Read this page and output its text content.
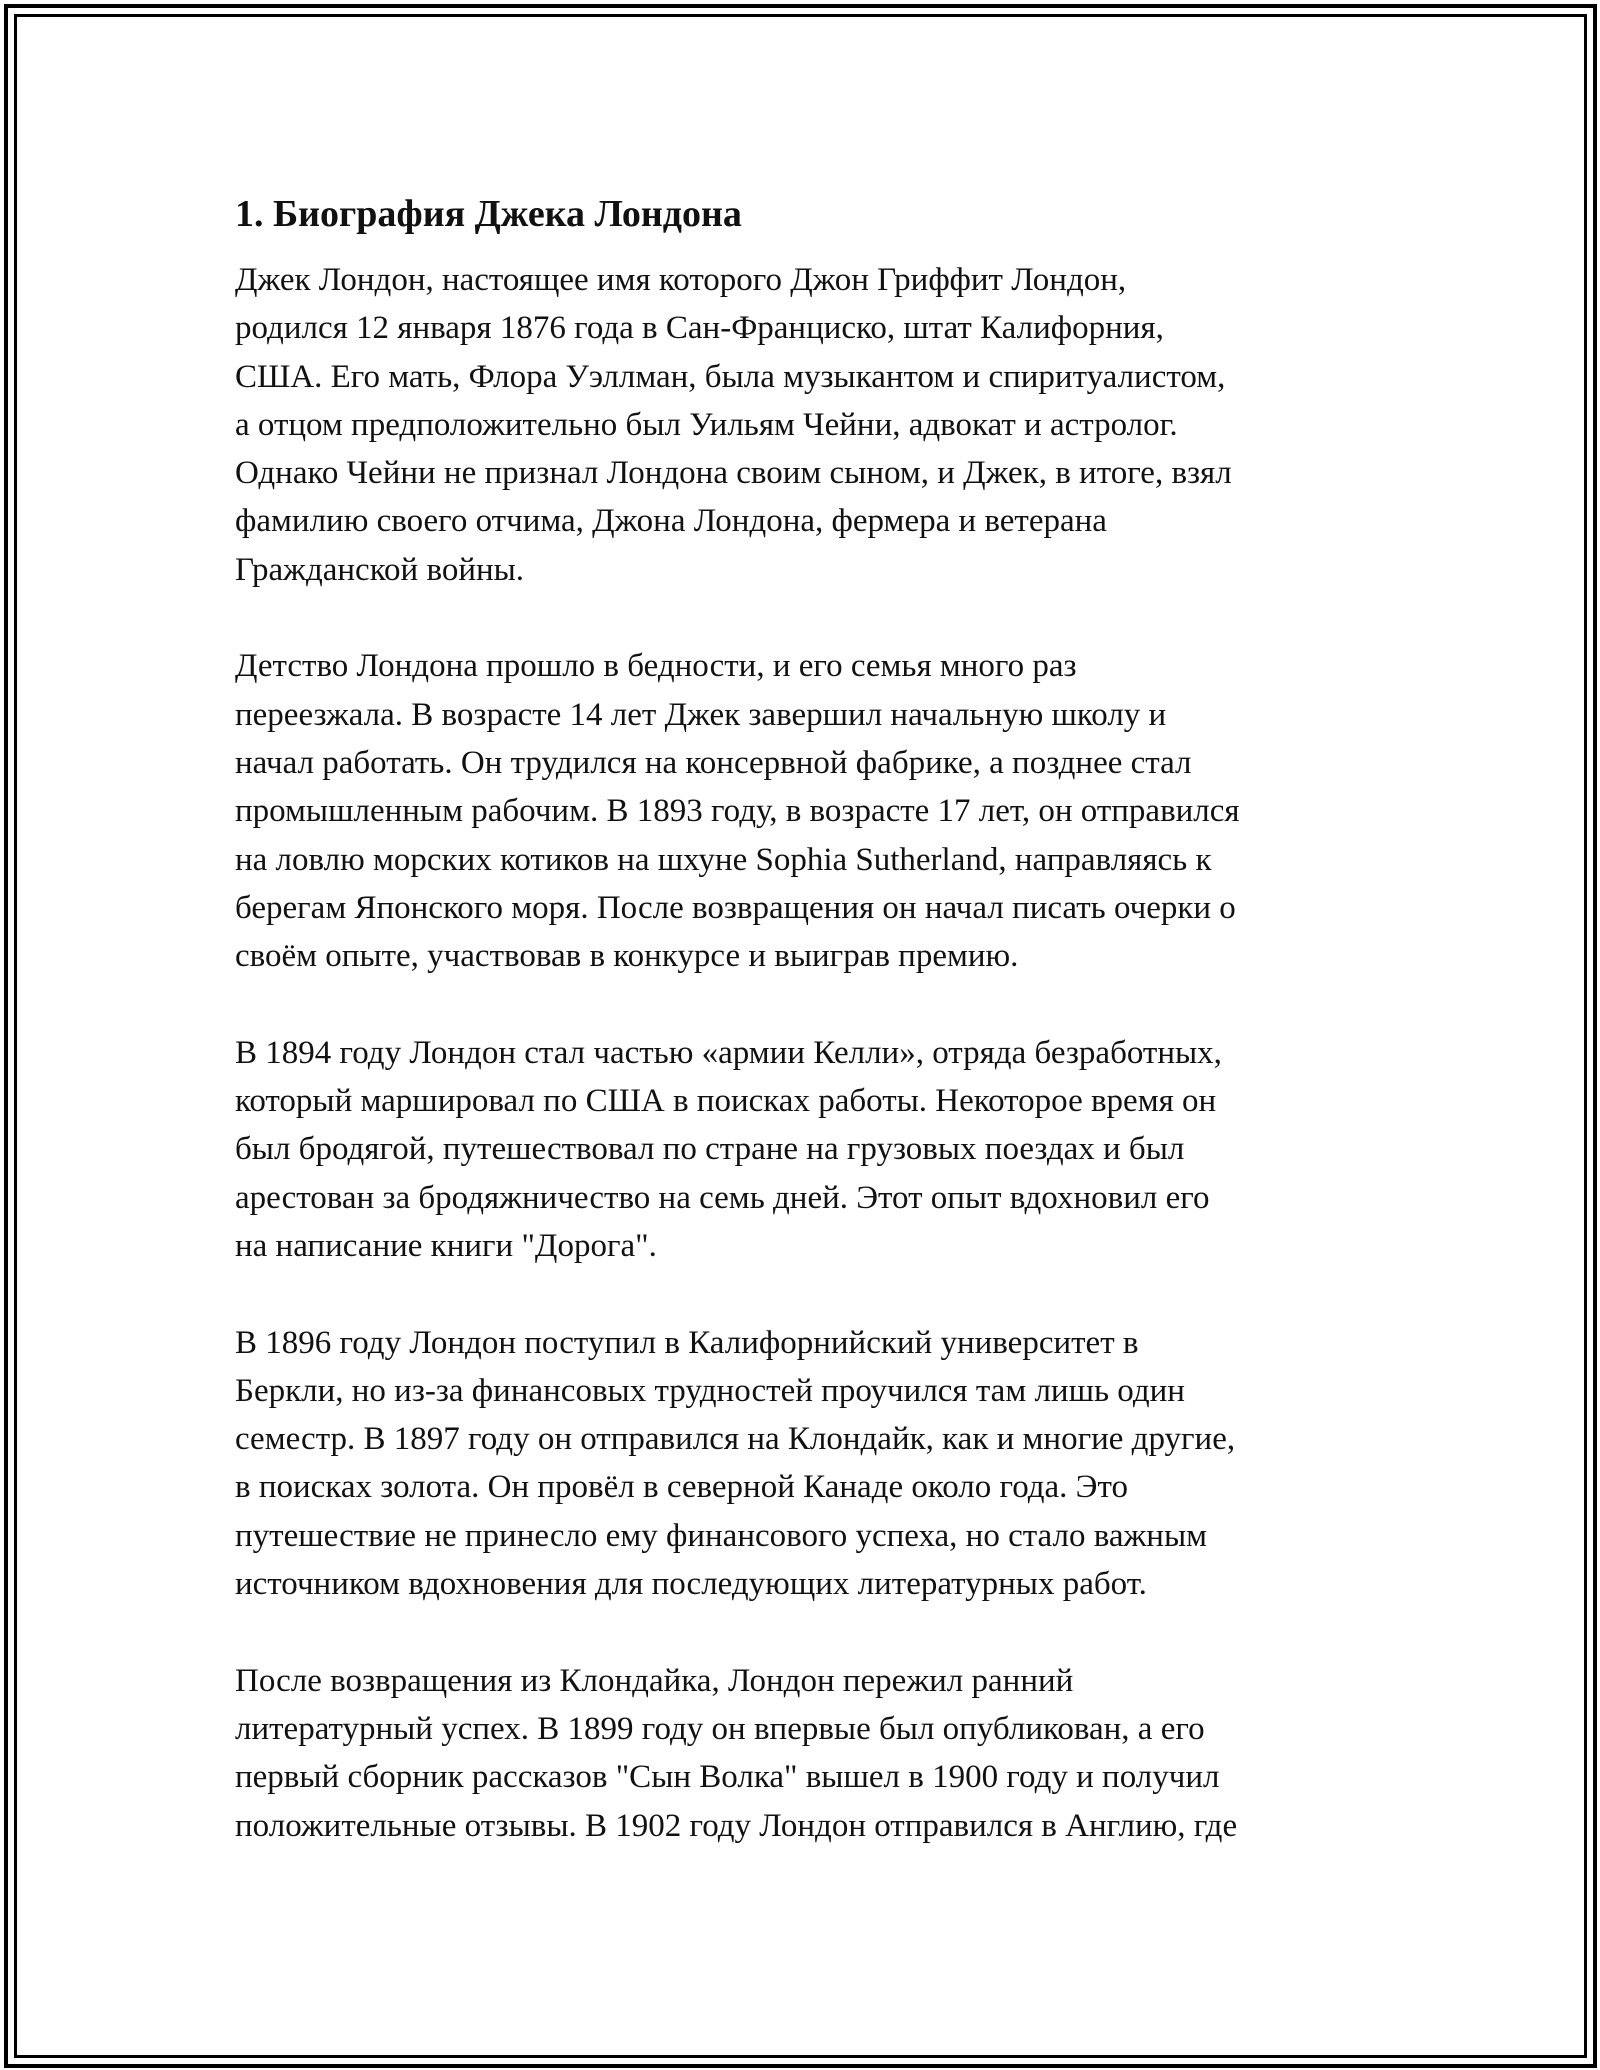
1. Биография Джека Лондона

Джек Лондон, настоящее имя которого Джон Гриффит Лондон,
родился 12 января 1876 года в Сан-Франциско, штат Калифорния,
США. Его мать, Флора Уэллман, была музыкантом и спиритуалистом,
а отцом предположительно был Уильям Чейни, адвокат и астролог.
Однако Чейни не признал Лондона своим сыном, и Джек, в итоге, взял
фамилию своего отчима, Джона Лондона, фермера и ветерана
Гражданской войны.

Детство Лондона прошло в бедности, и его семья много раз
переезжала. В возрасте 14 лет Джек завершил начальную школу и
начал работать. Он трудился на консервной фабрике, а позднее стал
промышленным рабочим. В 1893 году, в возрасте 17 лет, он отправился
на ловлю морских котиков на шхуне Sophia Sutherland, направляясь к
берегам Японского моря. После возвращения он начал писать очерки о
своём опыте, участвовав в конкурсе и выиграв премию.

В 1894 году Лондон стал частью «армии Келли», отряда безработных,
который маршировал по США в поисках работы. Некоторое время он
был бродягой, путешествовал по стране на грузовых поездах и был
арестован за бродяжничество на семь дней. Этот опыт вдохновил его
на написание книги "Дорога".

В 1896 году Лондон поступил в Калифорнийский университет в
Беркли, но из-за финансовых трудностей проучился там лишь один
семестр. В 1897 году он отправился на Клондайк, как и многие другие,
в поисках золота. Он провёл в северной Канаде около года. Это
путешествие не принесло ему финансового успеха, но стало важным
источником вдохновения для последующих литературных работ.

После возвращения из Клондайка, Лондон пережил ранний
литературный успех. В 1899 году он впервые был опубликован, а его
первый сборник рассказов "Сын Волка" вышел в 1900 году и получил
положительные отзывы. В 1902 году Лондон отправился в Англию, где
